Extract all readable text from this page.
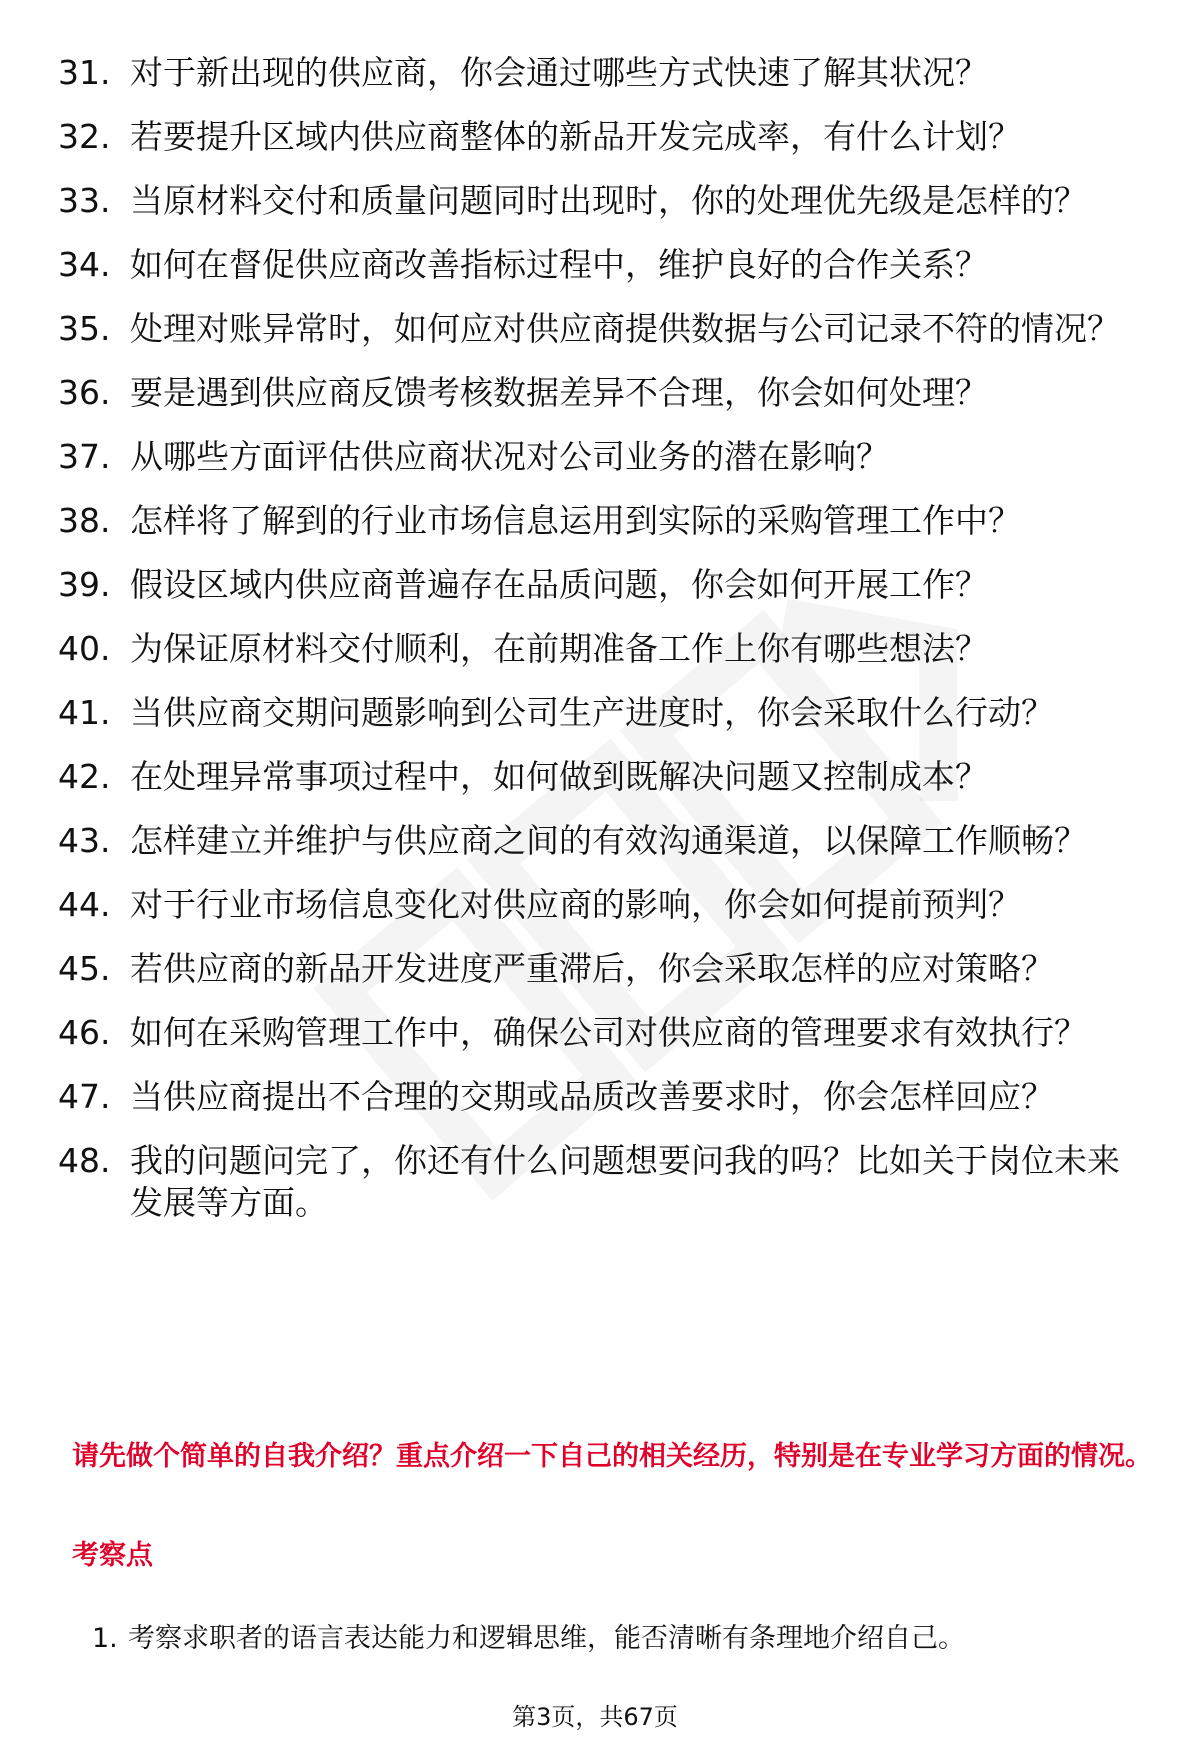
31. 对于新出现的供应商，你会通过哪些方式快速了解其状况？
32. 若要提升区域内供应商整体的新品开发完成率，有什么计划？
33. 当原材料交付和质量问题同时出现时，你的处理优先级是怎样的？
34. 如何在督促供应商改善指标过程中，维护良好的合作关系？
35. 处理对账异常时，如何应对供应商提供数据与公司记录不符的情况？
36. 要是遇到供应商反馈考核数据差异不合理，你会如何处理？
37. 从哪些方面评估供应商状况对公司业务的潜在影响？
38. 怎样将了解到的行业市场信息运用到实际的采购管理工作中？
39. 假设区域内供应商普遍存在品质问题，你会如何开展工作？
40. 为保证原材料交付顺利，在前期准备工作上你有哪些想法？
41. 当供应商交期问题影响到公司生产进度时，你会采取什么行动？
42. 在处理异常事项过程中，如何做到既解决问题又控制成本？
43. 怎样建立并维护与供应商之间的有效沟通渠道，以保障工作顺畅？
44. 对于行业市场信息变化对供应商的影响，你会如何提前预判？
45. 若供应商的新品开发进度严重滞后，你会采取怎样的应对策略？
46. 如何在采购管理工作中，确保公司对供应商的管理要求有效执行？
47. 当供应商提出不合理的交期或品质改善要求时，你会怎样回应？
48. 我的问题问完了，你还有什么问题想要问我的吗？比如关于岗位未来发展等方面。
请先做个简单的自我介绍？重点介绍一下自己的相关经历，特别是在专业学习方面的情况。
考察点
1. 考察求职者的语言表达能力和逻辑思维，能否清晰有条理地介绍自己。
第3页，共67页
